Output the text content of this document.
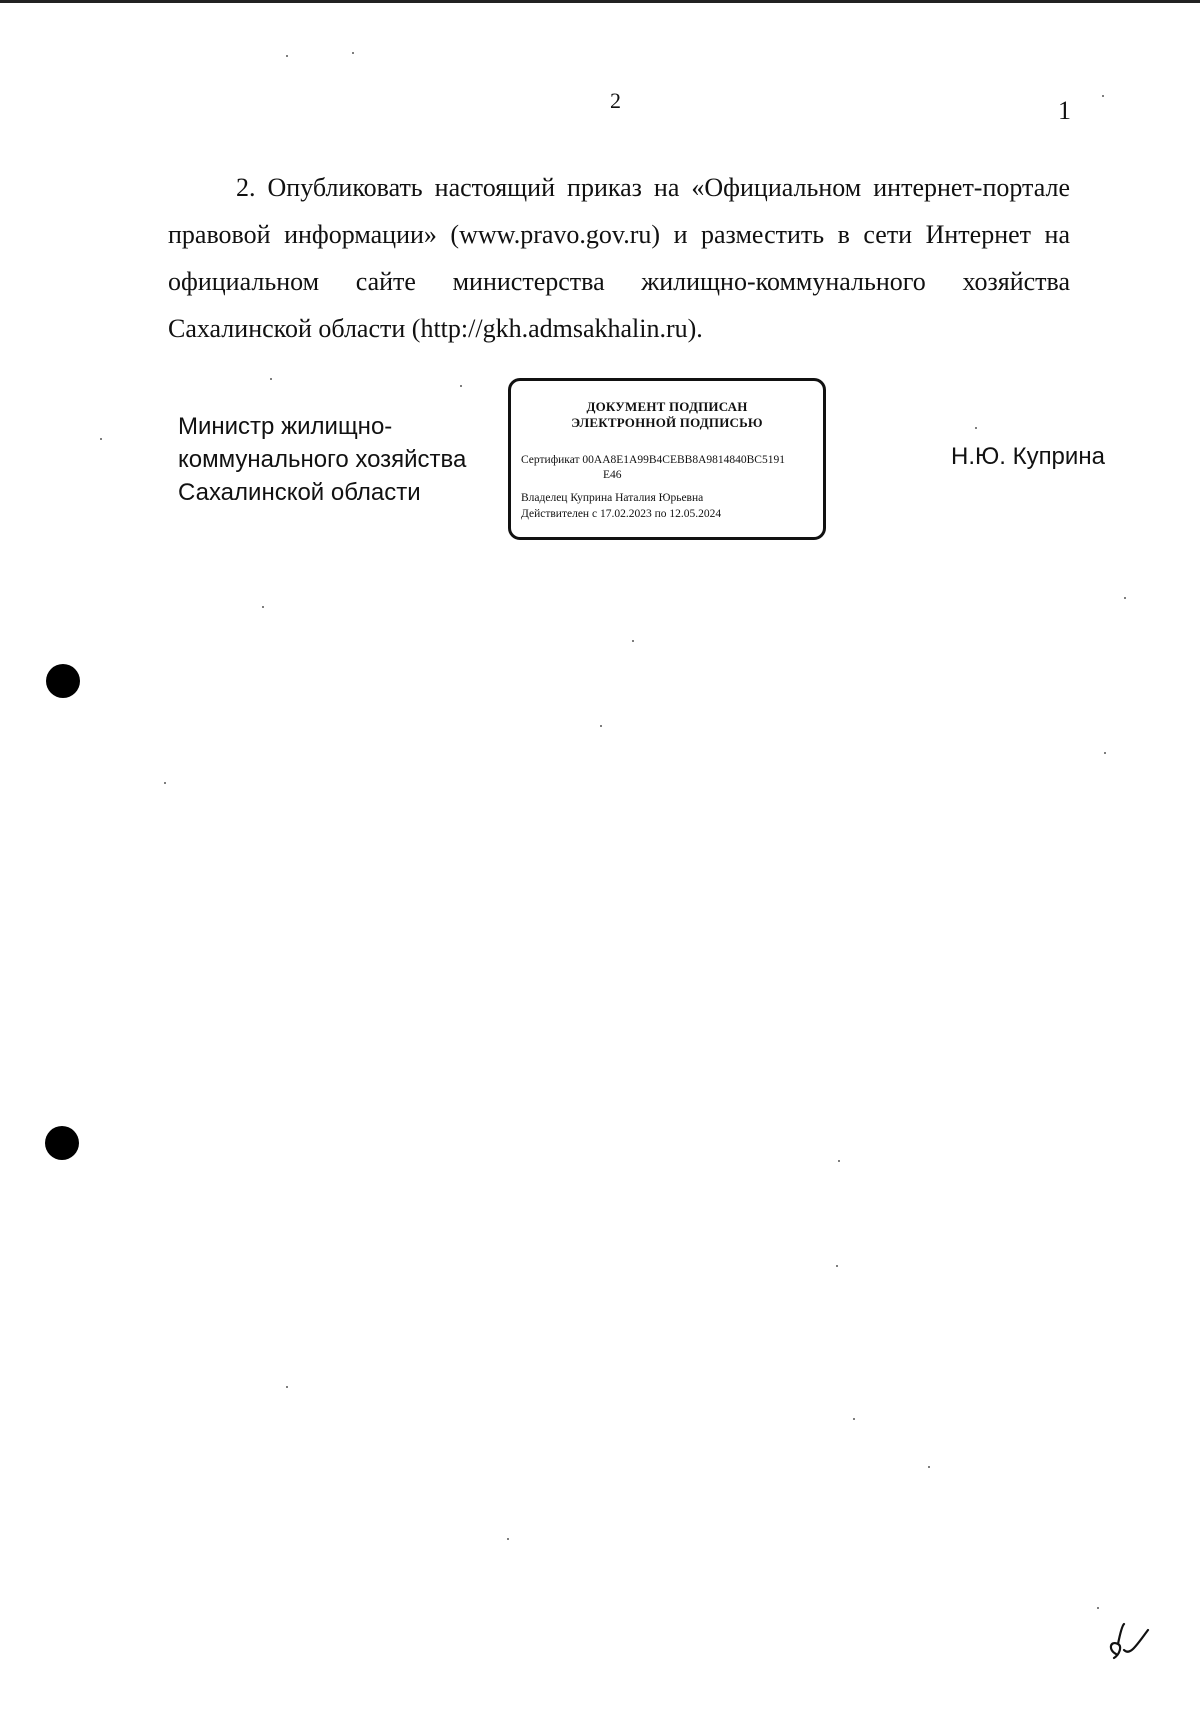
2	1

2. Опубликовать настоящий приказ на «Официальном интернет-портале правовой информации» (www.pravo.gov.ru) и разместить в сети Интернет на официальном сайте министерства жилищно-коммунального хозяйства Сахалинской области (http://gkh.admsakhalin.ru).

Министр жилищно-
коммунального хозяйства
Сахалинской области
ДОКУМЕНТ ПОДПИСАН
ЭЛЕКТРОННОЙ ПОДПИСЬЮ
Сертификат 00AA8E1A99B4CEBB8A9814840BC5191
E46
Владелец Куприна Наталия Юрьевна
Действителен с 17.02.2023 по 12.05.2024
Н.Ю. Куприна
